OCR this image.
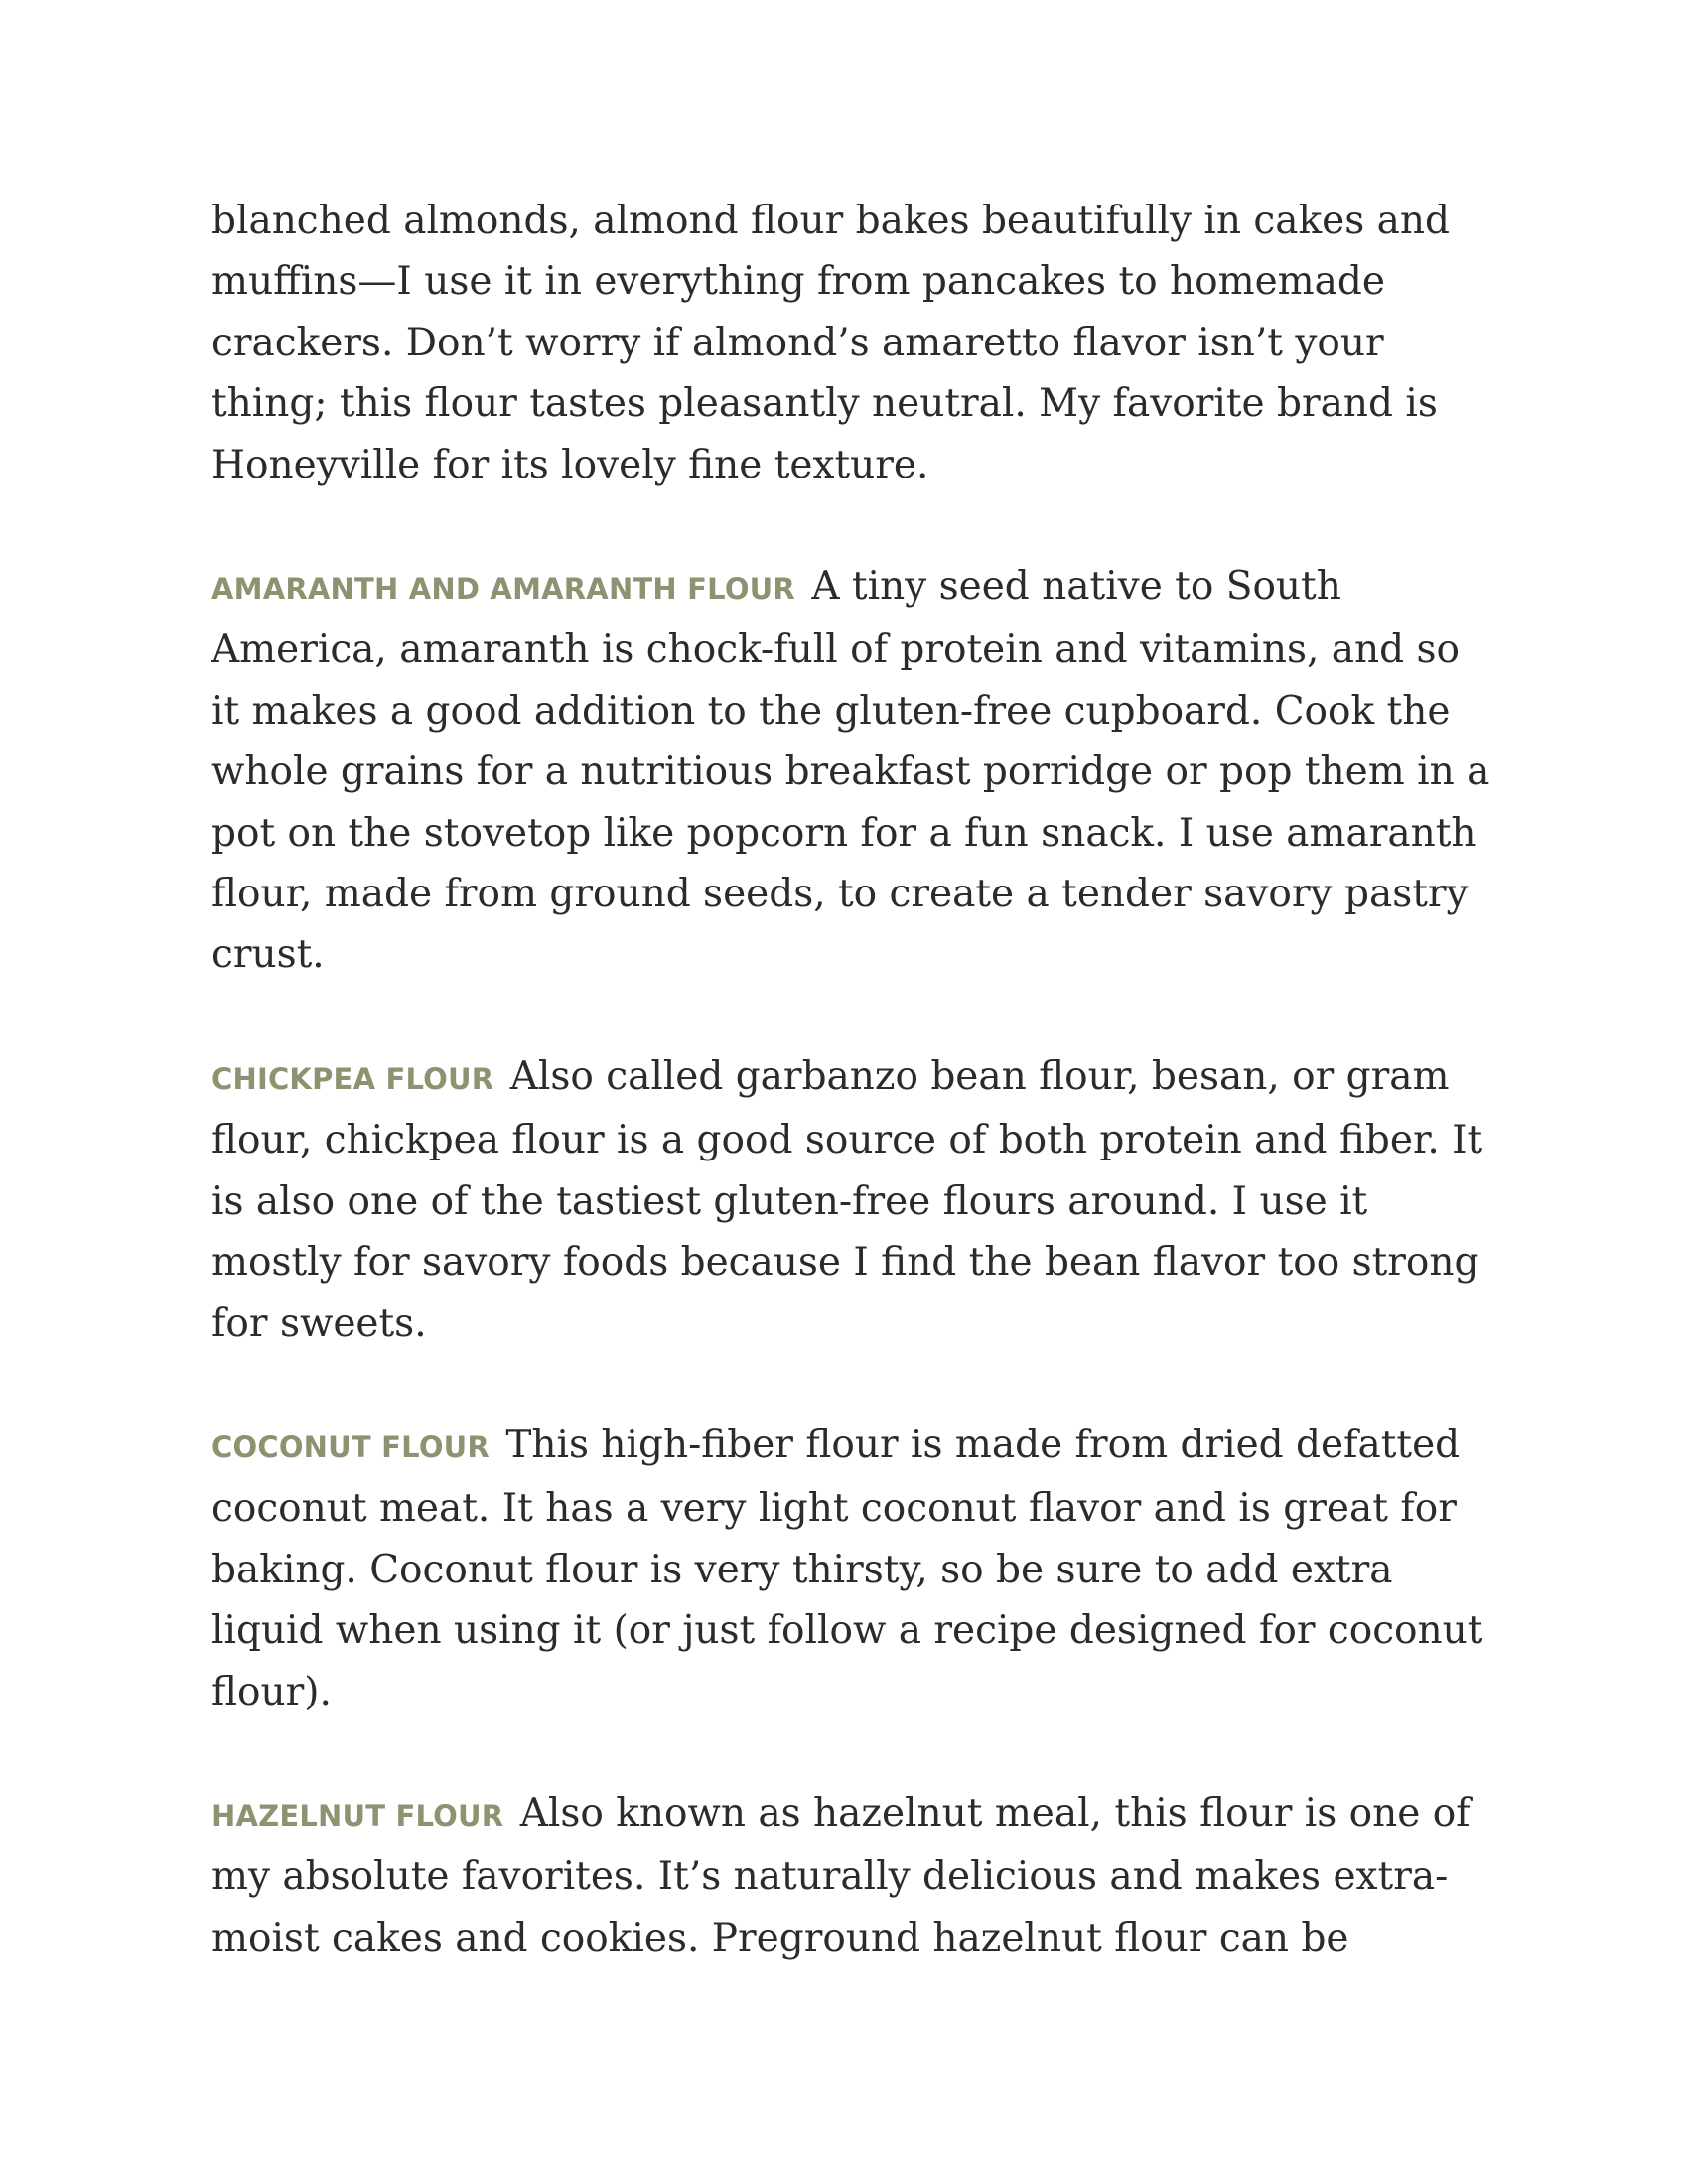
blanched almonds, almond flour bakes beautifully in cakes and muffins—I use it in everything from pancakes to homemade crackers. Don’t worry if almond’s amaretto flavor isn’t your thing; this flour tastes pleasantly neutral. My favorite brand is Honeyville for its lovely fine texture.

AMARANTH AND AMARANTH FLOUR A tiny seed native to South America, amaranth is chock-full of protein and vitamins, and so it makes a good addition to the gluten-free cupboard. Cook the whole grains for a nutritious breakfast porridge or pop them in a pot on the stovetop like popcorn for a fun snack. I use amaranth flour, made from ground seeds, to create a tender savory pastry crust.

CHICKPEA FLOUR Also called garbanzo bean flour, besan, or gram flour, chickpea flour is a good source of both protein and fiber. It is also one of the tastiest gluten-free flours around. I use it mostly for savory foods because I find the bean flavor too strong for sweets.

COCONUT FLOUR This high-fiber flour is made from dried defatted coconut meat. It has a very light coconut flavor and is great for baking. Coconut flour is very thirsty, so be sure to add extra liquid when using it (or just follow a recipe designed for coconut flour).

HAZELNUT FLOUR Also known as hazelnut meal, this flour is one of my absolute favorites. It’s naturally delicious and makes extra-moist cakes and cookies. Preground hazelnut flour can be
